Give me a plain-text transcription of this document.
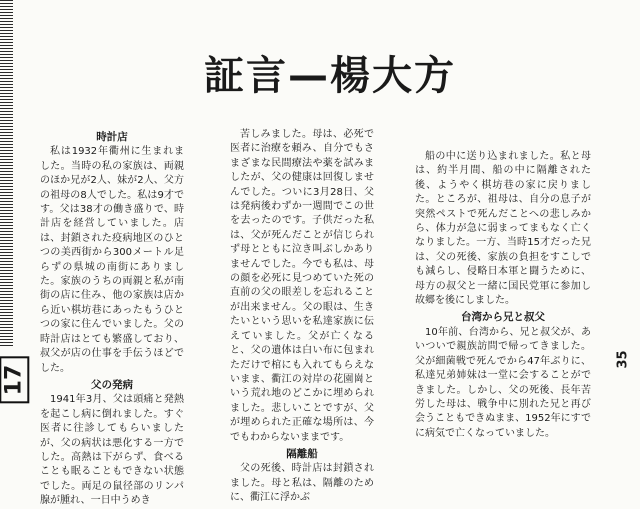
17
証言—楊大方
時計店

私は1932年衢州に生まれました。当時の私の家族は、両親のほか兄が2人、妹が2人、父方の祖母の8人でした。私は9才です。父は38才の働き盛りで、時計店を経営していました。店は、封鎖された疫病地区のひとつの美西街から300メートル足らずの県城の南街にありました。家族のうちの両親と私が南街の店に住み、他の家族は店から近い棋坊巷にあったもうひとつの家に住んでいました。父の時計店はとても繁盛しており、叔父が店の仕事を手伝うほどでした。

父の発病

1941年3月、父は頭痛と発熱を起こし病に倒れました。すぐ医者に往診してもらいましたが、父の病状は悪化する一方でした。高熱は下がらず、食べることも眠ることもできない状態でした。両足の鼠径部のリンパ腺が腫れ、一日中うめき

苦しみました。母は、必死で医者に治療を頼み、自分でもさまざまな民間療法や薬を試みましたが、父の健康は回復しませんでした。ついに3月28日、父は発病後わずか一週間でこの世を去ったのです。子供だった私は、父が死んだことが信じられず母とともに泣き叫ぶしかありませんでした。今でも私は、母の顔を必死に見つめていた死の直前の父の眼差しを忘れることが出来ません。父の眼は、生きたいという思いを私達家族に伝えていました。父が亡くなると、父の遺体は白い布に包まれただけで棺にも入れてもらえないまま、衢江の対岸の花園崗という荒れ地のどこかに埋められました。悲しいことですが、父が埋められた正確な場所は、今でもわからないままです。

隔離船

父の死後、時計店は封鎖されました。母と私は、隔離のために、衢江に浮かぶ

船の中に送り込まれました。私と母は、約半月間、船の中に隔離された後、ようやく棋坊巷の家に戻りました。ところが、祖母は、自分の息子が突然ペストで死んだことへの悲しみから、体力が急に弱まってまもなく亡くなりました。一方、当時15才だった兄は、父の死後、家族の負担をすこしでも減らし、侵略日本軍と闘うために、母方の叔父と一緒に国民党軍に参加し故郷を後にしました。

台湾から兄と叔父

10年前、台湾から、兄と叔父が、あいついで親族訪問で帰ってきました。父が細菌戦で死んでから47年ぶりに、私達兄弟姉妹は一堂に会することができました。しかし、父の死後、長年苦労した母は、戦争中に別れた兄と再び会うこともできぬまま、1952年にすでに病気で亡くなっていました。

35
